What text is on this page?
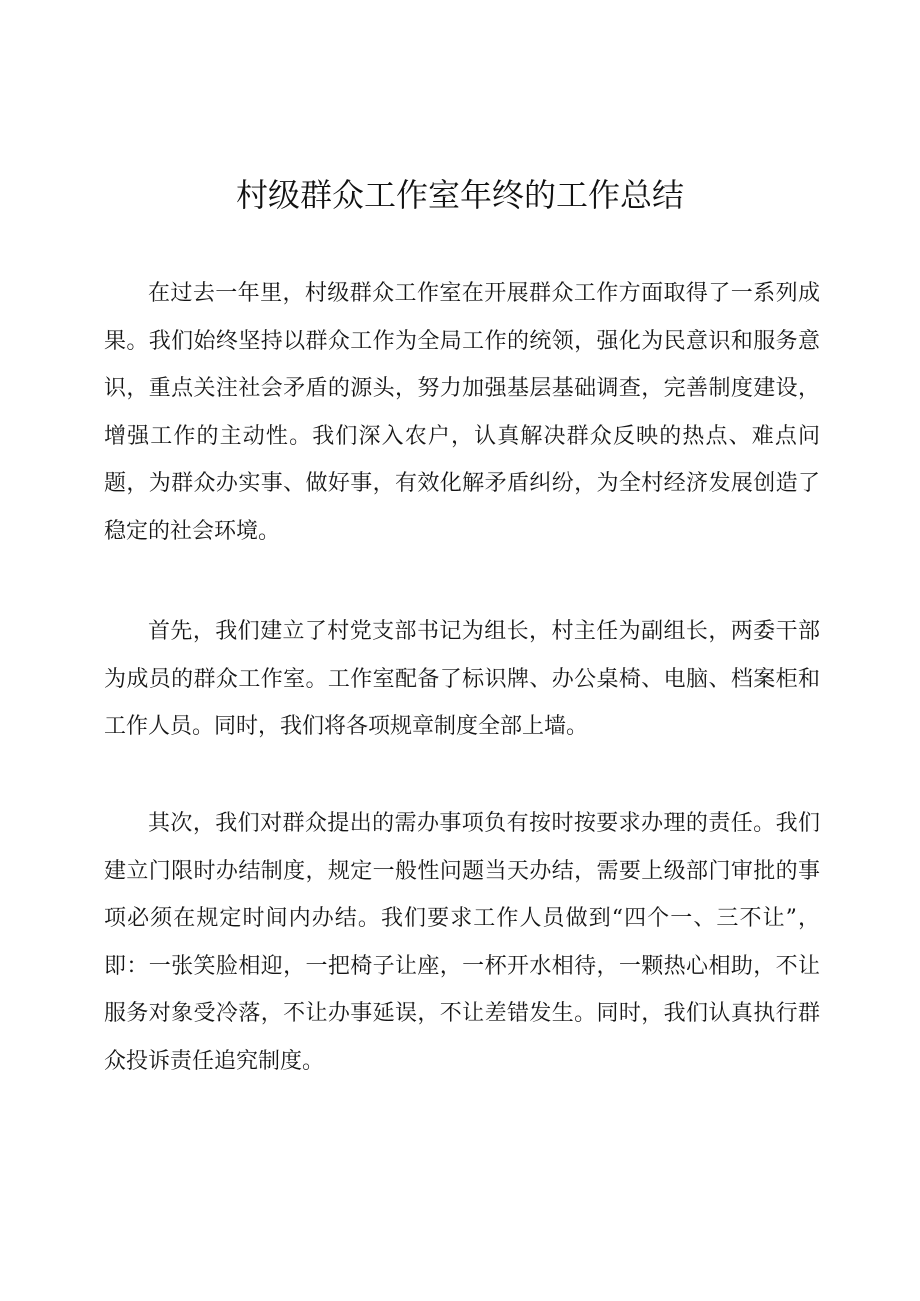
村级群众工作室年终的工作总结

在过去一年里，村级群众工作室在开展群众工作方面取得了一系列成果。我们始终坚持以群众工作为全局工作的统领，强化为民意识和服务意识，重点关注社会矛盾的源头，努力加强基层基础调查，完善制度建设，增强工作的主动性。我们深入农户，认真解决群众反映的热点、难点问题，为群众办实事、做好事，有效化解矛盾纠纷，为全村经济发展创造了稳定的社会环境。

首先，我们建立了村党支部书记为组长，村主任为副组长，两委干部为成员的群众工作室。工作室配备了标识牌、办公桌椅、电脑、档案柜和工作人员。同时，我们将各项规章制度全部上墙。

其次，我们对群众提出的需办事项负有按时按要求办理的责任。我们建立门限时办结制度，规定一般性问题当天办结，需要上级部门审批的事项必须在规定时间内办结。我们要求工作人员做到“四个一、三不让”，即：一张笑脸相迎，一把椅子让座，一杯开水相待，一颗热心相助，不让服务对象受冷落，不让办事延误，不让差错发生。同时，我们认真执行群众投诉责任追究制度。
